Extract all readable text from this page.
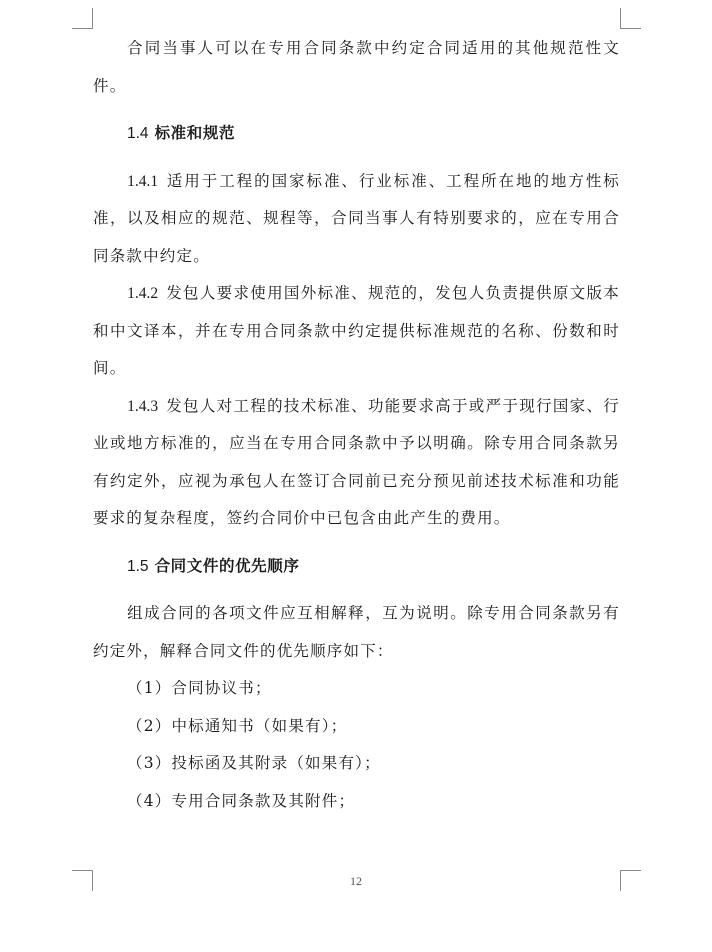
合同当事人可以在专用合同条款中约定合同适用的其他规范性文件。

1.4 标准和规范

1.4.1 适用于工程的国家标准、行业标准、工程所在地的地方性标准，以及相应的规范、规程等，合同当事人有特别要求的，应在专用合同条款中约定。

1.4.2 发包人要求使用国外标准、规范的，发包人负责提供原文版本和中文译本，并在专用合同条款中约定提供标准规范的名称、份数和时间。

1.4.3 发包人对工程的技术标准、功能要求高于或严于现行国家、行业或地方标准的，应当在专用合同条款中予以明确。除专用合同条款另有约定外，应视为承包人在签订合同前已充分预见前述技术标准和功能要求的复杂程度，签约合同价中已包含由此产生的费用。

1.5 合同文件的优先顺序

组成合同的各项文件应互相解释，互为说明。除专用合同条款另有约定外，解释合同文件的优先顺序如下：

（1）合同协议书；

（2）中标通知书（如果有）；

（3）投标函及其附录（如果有）；

（4）专用合同条款及其附件；

12
